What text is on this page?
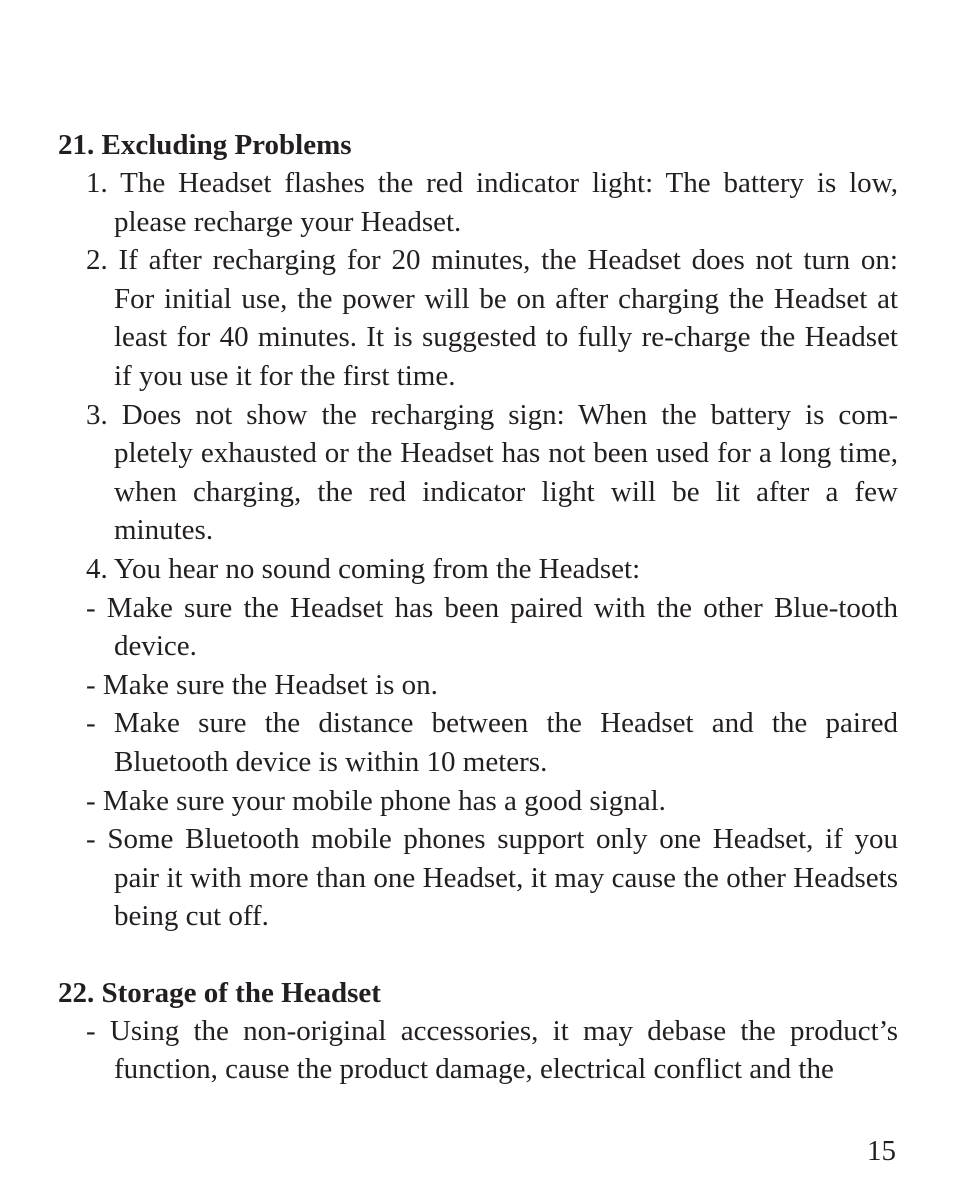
21. Excluding Problems

1. The Headset flashes the red indicator light: The battery is low, please recharge your Headset.

2. If after recharging for 20 minutes, the Headset does not turn on: For initial use, the power will be on after charging the Headset at least for 40 minutes. It is suggested to fully re-charge the Headset if you use it for the first time.

3. Does not show the recharging sign: When the battery is com-pletely exhausted or the Headset has not been used for a long time, when charging, the red indicator light will be lit after a few minutes.

4. You hear no sound coming from the Headset:

- Make sure the Headset has been paired with the other Blue-tooth device.

- Make sure the Headset is on.

- Make sure the distance between the Headset and the paired Bluetooth device is within 10 meters.

- Make sure your mobile phone has a good signal.

- Some Bluetooth mobile phones support only one Headset, if you pair it with more than one Headset, it may cause the other Headsets being cut off.

22. Storage of the Headset

- Using the non-original accessories, it may debase the product’s function, cause the product damage, electrical conflict and the

15
